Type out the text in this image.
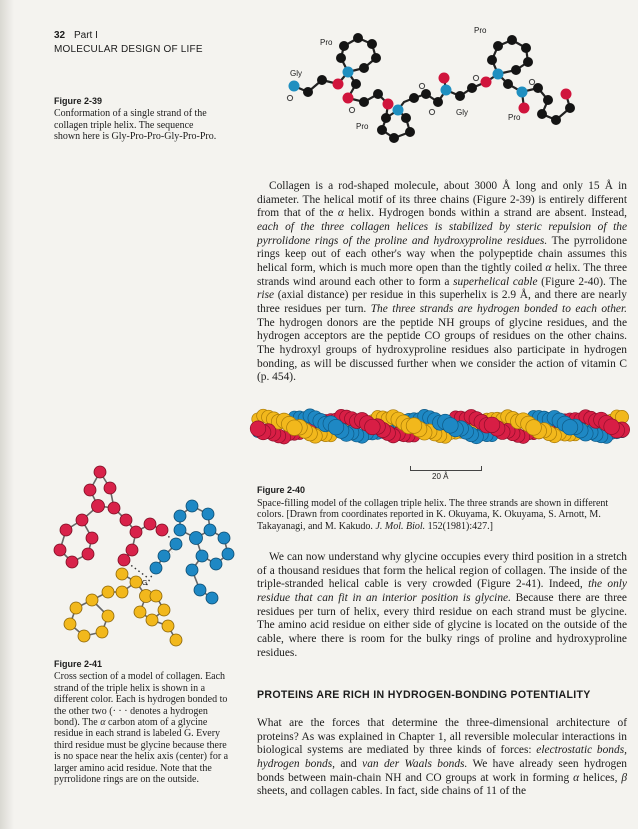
32 Part I
MOLECULAR DESIGN OF LIFE
Gly
Pro
Pro
Gly
Pro
Pro
Figure 2-39
Conformation of a single strand of the collagen triple helix. The sequence shown here is Gly-Pro-Pro-Gly-Pro-Pro.

Collagen is a rod-shaped molecule, about 3000 Å long and only 15 Å in diameter. The helical motif of its three chains (Figure 2-39) is entirely different from that of the α helix. Hydrogen bonds within a strand are absent. Instead, each of the three collagen helices is stabilized by steric repulsion of the pyrrolidone rings of the proline and hydroxyproline residues. The pyrrolidone rings keep out of each other's way when the polypeptide chain assumes this helical form, which is much more open than the tightly coiled α helix. The three strands wind around each other to form a superhelical cable (Figure 2-40). The rise (axial distance) per residue in this superhelix is 2.9 Å, and there are nearly three residues per turn. The three strands are hydrogen bonded to each other. The hydrogen donors are the peptide NH groups of glycine residues, and the hydrogen acceptors are the peptide CO groups of residues on the other chains. The hydroxyl groups of hydroxyproline residues also participate in hydrogen bonding, as will be discussed further when we consider the action of vitamin C (p. 454).

20 Å
Figure 2-40
Space-filling model of the collagen triple helix. The three strands are shown in different colors. [Drawn from coordinates reported in K. Okuyama, K. Okuyama, S. Arnott, M. Takayanagi, and M. Kakudo. J. Mol. Biol. 152(1981):427.]
G
Figure 2-41
Cross section of a model of collagen. Each strand of the triple helix is shown in a different color. Each is hydrogen bonded to the other two (· · · denotes a hydrogen bond). The α carbon atom of a glycine residue in each strand is labeled G. Every third residue must be glycine because there is no space near the helix axis (center) for a larger amino acid residue. Note that the pyrrolidone rings are on the outside.

We can now understand why glycine occupies every third position in a stretch of a thousand residues that form the helical region of collagen. The inside of the triple-stranded helical cable is very crowded (Figure 2-41). Indeed, the only residue that can fit in an interior position is glycine. Because there are three residues per turn of helix, every third residue on each strand must be glycine. The amino acid residue on either side of glycine is located on the outside of the cable, where there is room for the bulky rings of proline and hydroxyproline residues.

PROTEINS ARE RICH IN HYDROGEN-BONDING POTENTIALITY

What are the forces that determine the three-dimensional architecture of proteins? As was explained in Chapter 1, all reversible molecular interactions in biological systems are mediated by three kinds of forces: electrostatic bonds, hydrogen bonds, and van der Waals bonds. We have already seen hydrogen bonds between main-chain NH and CO groups at work in forming α helices, β sheets, and collagen cables. In fact, side chains of 11 of the
